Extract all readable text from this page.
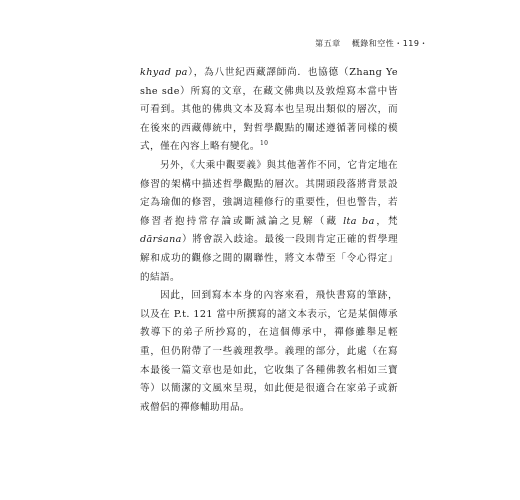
第五章 概錄和空性・119・

khyad pa），為八世紀西藏譯師尚．也協德（Zhang Ye she sde）所寫的文章，在藏文佛典以及敦煌寫本當中皆可看到。其他的佛典文本及寫本也呈現出類似的層次，而在後來的西藏傳統中，對哲學觀點的闡述遵循著同樣的模式，僅在內容上略有變化。$^{10}$

另外，《大乘中觀要義》與其他著作不同，它肯定地在修習的架構中描述哲學觀點的層次。其開頭段落將背景設定為瑜伽的修習，強調這種修行的重要性，但也警告，若修習者抱持常存論或斷滅論之見解（藏 lta ba，梵 dārṡana）將會誤入歧途。最後一段則肯定正確的哲學理解和成功的觀修之間的關聯性，將文本帶至「令心得定」的結語。

因此，回到寫本本身的內容來看，飛快書寫的筆跡，以及在 P.t. 121 當中所撰寫的諸文本表示，它是某個傳承教導下的弟子所抄寫的，在這個傳承中，禪修雖舉足輕重，但仍附帶了一些義理教學。義理的部分，此處（在寫本最後一篇文章也是如此，它收集了各種佛教名相如三寶等）以簡潔的文風來呈現，如此便是很適合在家弟子或新戒僧侶的禪修輔助用品。
